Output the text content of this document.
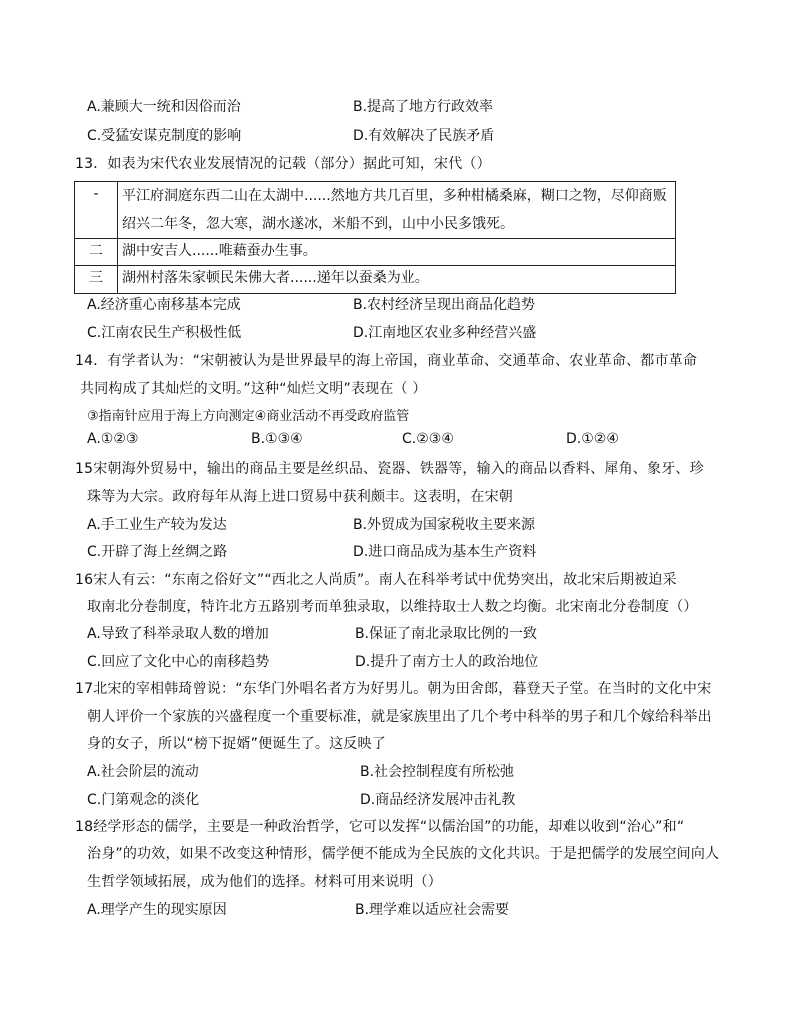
A.兼顾大一统和因俗而治	B.提高了地方行政效率
C.受猛安谋克制度的影响	D.有效解决了民族矛盾
13．如表为宋代农业发展情况的记载（部分）据此可知，宋代（）
-	平江府洞庭东西二山在太湖中......然地方共几百里，多种柑橘桑麻，糊口之物，尽仰商贩
绍兴二年冬，忽大寒，湖水遂冰，米船不到，山中小民多饿死。

二	湖中安吉人......唯藉蚕办生事。

三	湖州村落朱家顿民朱佛大者......递年以蚕桑为业。
A.经济重心南移基本完成	B.农村经济呈现出商品化趋势
C.江南农民生产积极性低	D.江南地区农业多种经营兴盛
14．有学者认为：“宋朝被认为是世界最早的海上帝国，商业革命、交通革命、农业革命、都市革命
共同构成了其灿烂的文明。”这种“灿烂文明”表现在（ ）
③指南针应用于海上方向测定④商业活动不再受政府监管
A.①②③	B.①③④	C.②③④	D.①②④
15宋朝海外贸易中，输出的商品主要是丝织品、瓷器、铁器等，输入的商品以香料、犀角、象牙、珍
珠等为大宗。政府每年从海上进口贸易中获利颇丰。这表明，在宋朝
A.手工业生产较为发达	B.外贸成为国家税收主要来源
C.开辟了海上丝绸之路	D.进口商品成为基本生产资料
16宋人有云：“东南之俗好文”“西北之人尚质”。南人在科举考试中优势突出，故北宋后期被迫采
取南北分卷制度，特许北方五路别考而单独录取，以维持取士人数之均衡。北宋南北分卷制度（）
A.导致了科举录取人数的增加	B.保证了南北录取比例的一致
C.回应了文化中心的南移趋势	D.提升了南方士人的政治地位
17北宋的宰相韩琦曾说：“东华门外唱名者方为好男儿。朝为田舍郎，暮登天子堂。在当时的文化中宋
朝人评价一个家族的兴盛程度一个重要标准，就是家族里出了几个考中科举的男子和几个嫁给科举出
身的女子，所以“榜下捉婿”便诞生了。这反映了
A.社会阶层的流动	B.社会控制程度有所松弛
C.门第观念的淡化	D.商品经济发展冲击礼教
18经学形态的儒学，主要是一种政治哲学，它可以发挥“以儒治国”的功能，却难以收到“治心”和“
治身”的功效，如果不改变这种情形，儒学便不能成为全民族的文化共识。于是把儒学的发展空间向人
生哲学领域拓展，成为他们的选择。材料可用来说明（）
A.理学产生的现实原因	B.理学难以适应社会需要
